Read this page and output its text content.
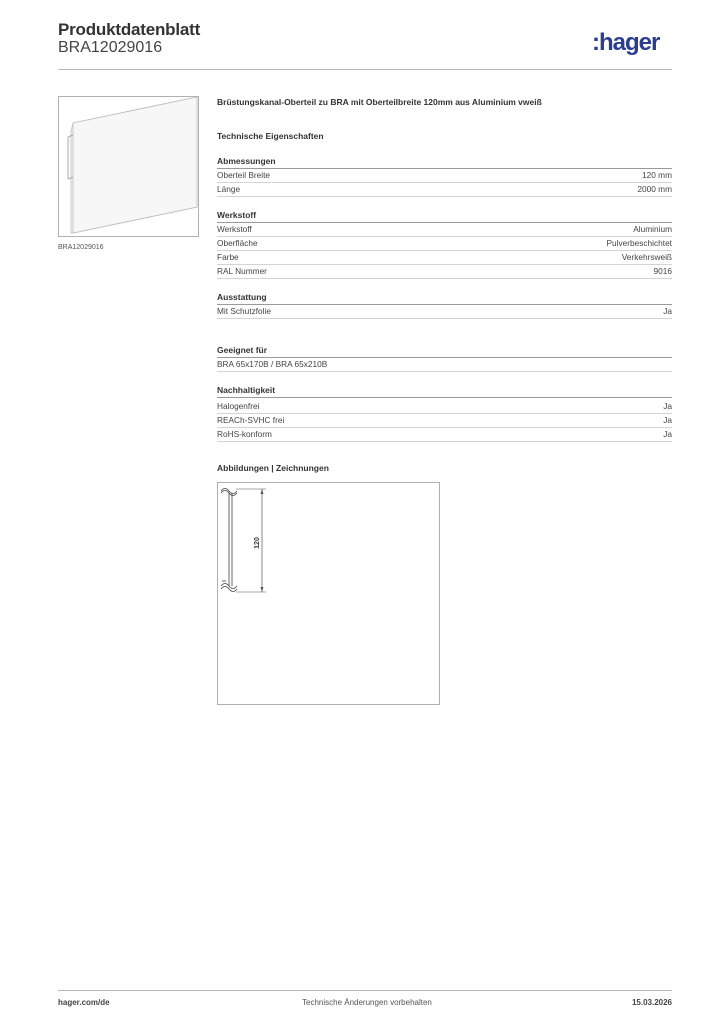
Produktdatenblatt
BRA12029016	:hager
BRA12029016
Brüstungskanal-Oberteil zu BRA mit Oberteilbreite 120mm aus Aluminium vweiß
Technische Eigenschaften
Abmessungen
Oberteil Breite	120 mm
Länge	2000 mm
Werkstoff
Werkstoff	Aluminium
Oberfläche	Pulverbeschichtet
Farbe	Verkehrsweiß
RAL Nummer	9016
Ausstattung
Mit Schutzfolie	Ja
Geeignet für
BRA 65x170B / BRA 65x210B
Nachhaltigkeit
Halogenfrei	Ja
REACh-SVHC frei	Ja
RoHS-konform	Ja
Abbildungen | Zeichnungen
120
hager.com/de	Technische Änderungen vorbehalten	15.03.2026
